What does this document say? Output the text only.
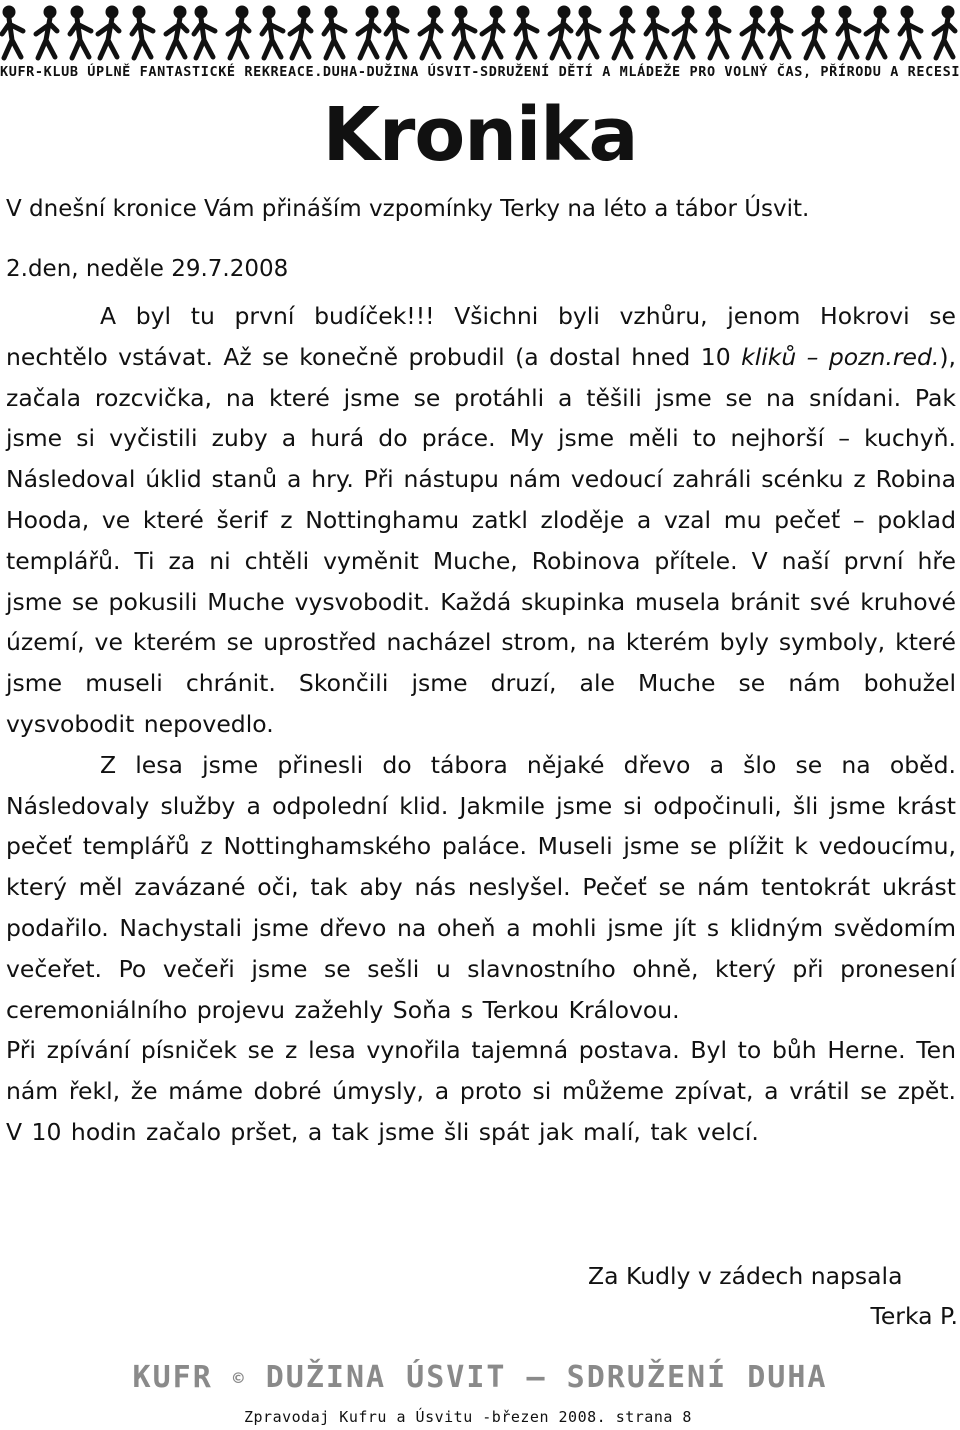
KUFR-KLUB ÚPLNĚ FANTASTICKÉ REKREACE.DUHA-DUŽINA ÚSVIT-SDRUŽENÍ DĚTÍ A MLÁDEŽE PRO VOLNÝ ČAS, PŘÍRODU A RECESI
Kronika
V dnešní kronice Vám přináším vzpomínky Terky na léto a tábor Úsvit.
2.den, neděle 29.7.2008

A byl tu první budíček!!! Všichni byli vzhůru, jenom Hokrovi se nechtělo vstávat. Až se konečně probudil (a dostal hned 10 kliků – pozn.red.), začala rozcvička, na které jsme se protáhli a těšili jsme se na snídani. Pak jsme si vyčistili zuby a hurá do práce. My jsme měli to nejhorší – kuchyň. Následoval úklid stanů a hry. Při nástupu nám vedoucí zahráli scénku z Robina Hooda, ve které šerif z Nottinghamu zatkl zloděje a vzal mu pečeť – poklad templářů. Ti za ni chtěli vyměnit Muche, Robinova přítele. V naší první hře jsme se pokusili Muche vysvobodit. Každá skupinka musela bránit své kruhové území, ve kterém se uprostřed nacházel strom, na kterém byly symboly, které jsme museli chránit. Skončili jsme druzí, ale Muche se nám bohužel vysvobodit nepovedlo.

Z lesa jsme přinesli do tábora nějaké dřevo a šlo se na oběd. Následovaly služby a odpolední klid. Jakmile jsme si odpočinuli, šli jsme krást pečeť templářů z Nottinghamského paláce. Museli jsme se plížit k vedoucímu, který měl zavázané oči, tak aby nás neslyšel. Pečeť se nám tentokrát ukrást podařilo. Nachystali jsme dřevo na oheň a mohli jsme jít s klidným svědomím večeřet. Po večeři jsme se sešli u slavnostního ohně, který při pronesení ceremoniálního projevu zažehly Soňa s Terkou Královou.

Při zpívání písniček se z lesa vynořila tajemná postava. Byl to bůh Herne. Ten nám řekl, že máme dobré úmysly, a proto si můžeme zpívat, a vrátil se zpět. V 10 hodin začalo pršet, a tak jsme šli spát jak malí, tak velcí.

Za Kudly v zádech napsala
Terka P.
KUFR © DUŽINA ÚSVIT – SDRUŽENÍ DUHA
Zpravodaj Kufru a Úsvitu -březen 2008. strana 8
